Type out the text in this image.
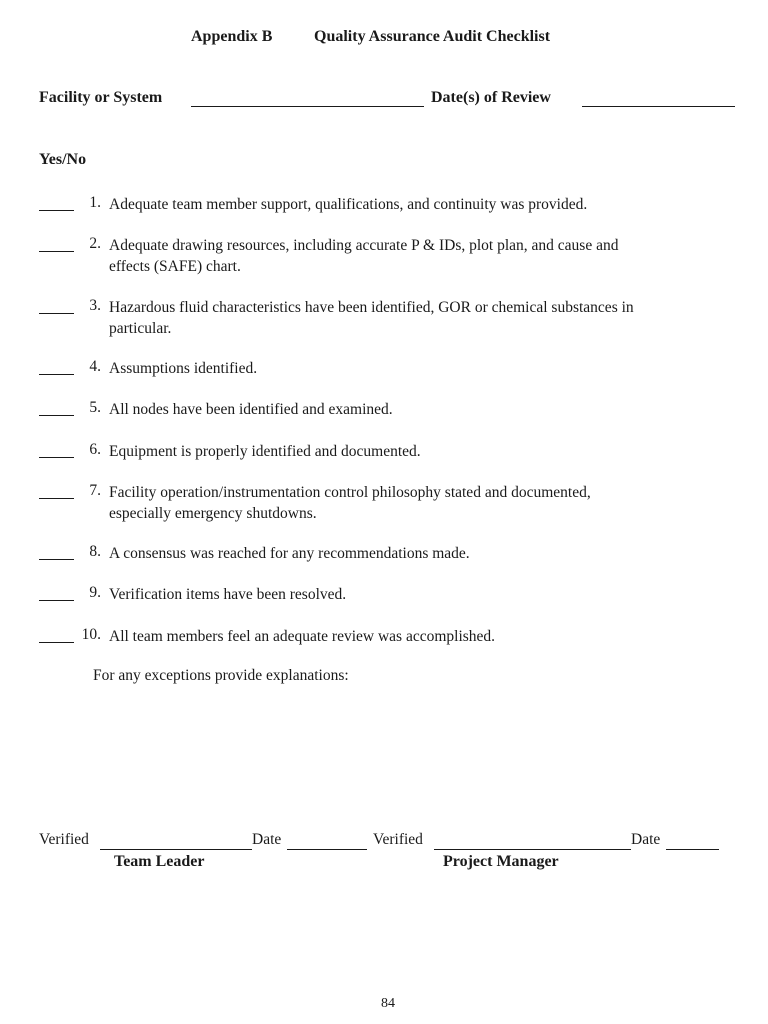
Appendix B	Quality Assurance Audit Checklist
Facility or System	Date(s) of Review
Yes/No
1. Adequate team member support, qualifications, and continuity was provided.
2. Adequate drawing resources, including accurate P & IDs, plot plan, and cause and
effects (SAFE) chart.
3. Hazardous fluid characteristics have been identified, GOR or chemical substances in
particular.
4. Assumptions identified.
5. All nodes have been identified and examined.
6. Equipment is properly identified and documented.
7. Facility operation/instrumentation control philosophy stated and documented,
especially emergency shutdowns.
8. A consensus was reached for any recommendations made.
9. Verification items have been resolved.
10. All team members feel an adequate review was accomplished.
For any exceptions provide explanations:
Verified	Date	Verified	Date
Team Leader	Project Manager
84
